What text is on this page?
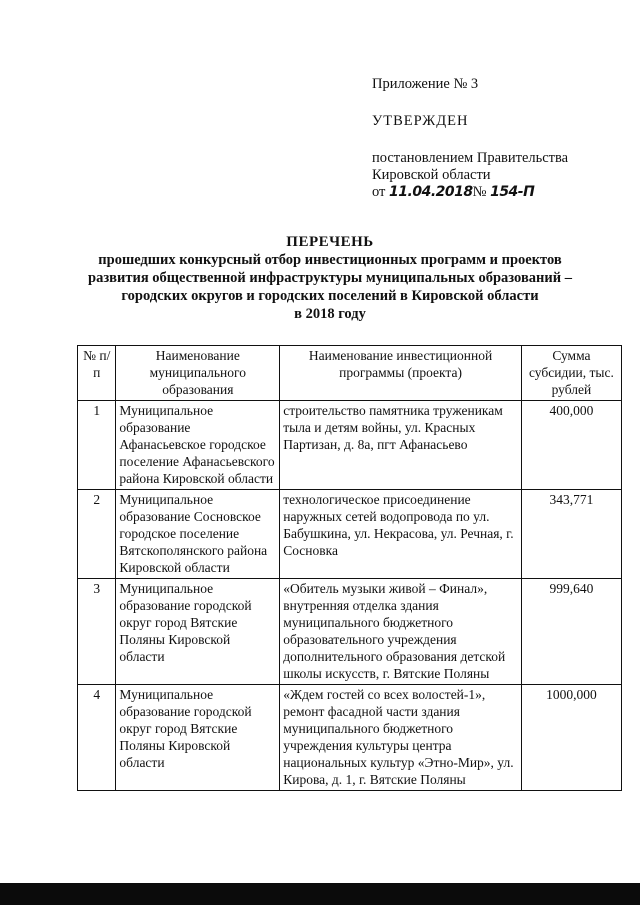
Приложение № 3
УТВЕРЖДЕН
постановлением Правительства
Кировской области
от 11.04.2018№ 154-П
ПЕРЕЧЕНЬ
прошедших конкурсный отбор инвестиционных программ и проектов
развития общественной инфраструктуры муниципальных образований –
городских округов и городских поселений в Кировской области
в 2018 году
№ п/п	Наименование муниципального образования	Наименование инвестиционной программы (проекта)	Сумма субсидии, тыс. рублей
1	Муниципальное образование Афанасьевское городское поселение Афанасьевского района Кировской области	строительство памятника труженикам тыла и детям войны, ул. Красных Партизан, д. 8а, пгт Афанасьево	400,000
2	Муниципальное образование Сосновское городское поселение Вятскополянского района Кировской области	технологическое присоединение наружных сетей водопровода по ул. Бабушкина, ул. Некрасова, ул. Речная, г. Сосновка	343,771
3	Муниципальное образование городской округ город Вятские Поляны Кировской области	«Обитель музыки живой – Финал», внутренняя отделка здания муниципального бюджетного образовательного учреждения дополнительного образования детской школы искусств, г. Вятские Поляны	999,640
4	Муниципальное образование городской округ город Вятские Поляны Кировской области	«Ждем гостей со всех волостей-1», ремонт фасадной части здания муниципального бюджетного учреждения культуры центра национальных культур «Этно-Мир», ул. Кирова, д. 1, г. Вятские Поляны	1000,000
